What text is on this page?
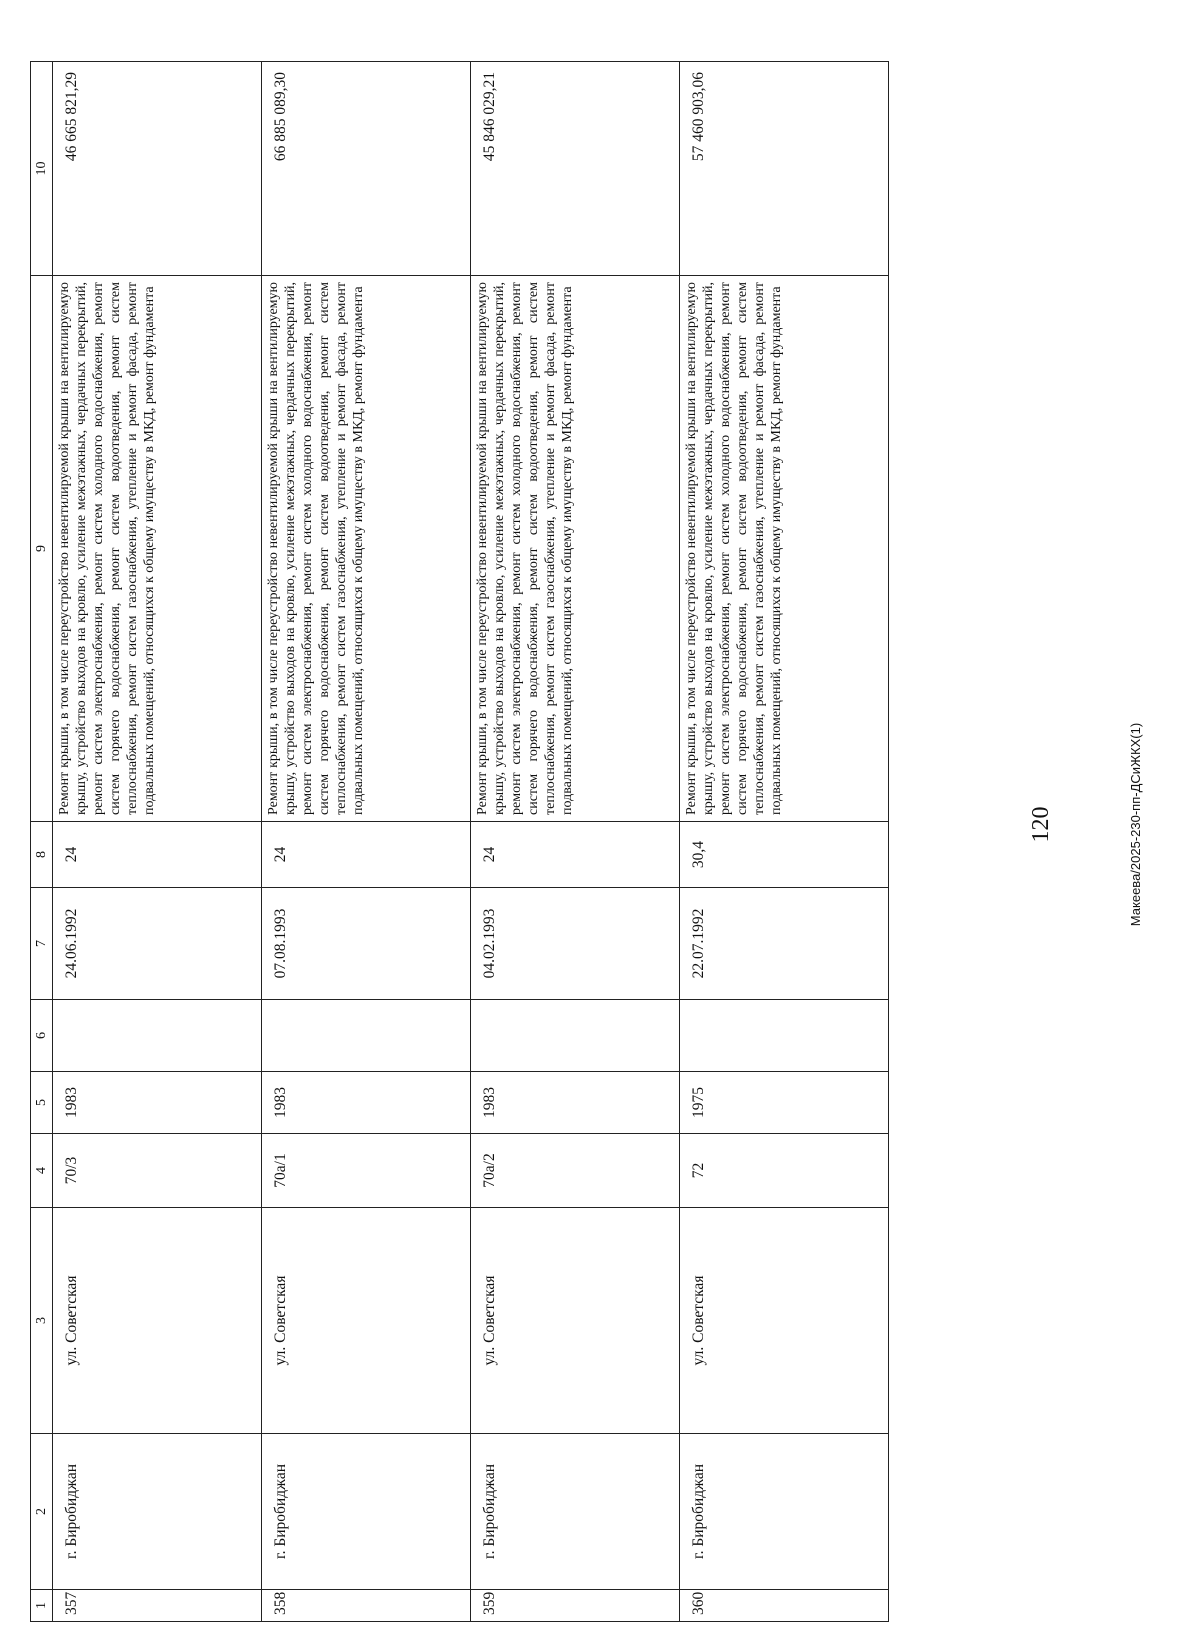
120
1	2	3	4	5	6	7	8	9	10
357	г. Биробиджан	ул. Советская	70/3	1983		24.06.1992	24	Ремонт крыши, в том числе переустройство невентилируемой крыши на вентилируемую крышу, устройство выходов на кровлю, усиление межэтажных, чердачных перекрытий, ремонт систем электроснабжения, ремонт систем холодного водоснабжения, ремонт систем горячего водоснабжения, ремонт систем водоотведения, ремонт систем теплоснабжения, ремонт систем газоснабжения, утепление и ремонт фасада, ремонт подвальных помещений, относящихся к общему имуществу в МКД, ремонт фундамента	46 665 821,29
358	г. Биробиджан	ул. Советская	70а/1	1983		07.08.1993	24	Ремонт крыши, в том числе переустройство невентилируемой крыши на вентилируемую крышу, устройство выходов на кровлю, усиление межэтажных, чердачных перекрытий, ремонт систем электроснабжения, ремонт систем холодного водоснабжения, ремонт систем горячего водоснабжения, ремонт систем водоотведения, ремонт систем теплоснабжения, ремонт систем газоснабжения, утепление и ремонт фасада, ремонт подвальных помещений, относящихся к общему имуществу в МКД, ремонт фундамента	66 885 089,30
359	г. Биробиджан	ул. Советская	70а/2	1983		04.02.1993	24	Ремонт крыши, в том числе переустройство невентилируемой крыши на вентилируемую крышу, устройство выходов на кровлю, усиление межэтажных, чердачных перекрытий, ремонт систем электроснабжения, ремонт систем холодного водоснабжения, ремонт систем горячего водоснабжения, ремонт систем водоотведения, ремонт систем теплоснабжения, ремонт систем газоснабжения, утепление и ремонт фасада, ремонт подвальных помещений, относящихся к общему имуществу в МКД, ремонт фундамента	45 846 029,21
360	г. Биробиджан	ул. Советская	72	1975		22.07.1992	30,4	Ремонт крыши, в том числе переустройство невентилируемой крыши на вентилируемую крышу, устройство выходов на кровлю, усиление межэтажных, чердачных перекрытий, ремонт систем электроснабжения, ремонт систем холодного водоснабжения, ремонт систем горячего водоснабжения, ремонт систем водоотведения, ремонт систем теплоснабжения, ремонт систем газоснабжения, утепление и ремонт фасада, ремонт подвальных помещений, относящихся к общему имуществу в МКД, ремонт фундамента	57 460 903,06
Макеева/2025-230-пп-ДСиЖКХ(1)
